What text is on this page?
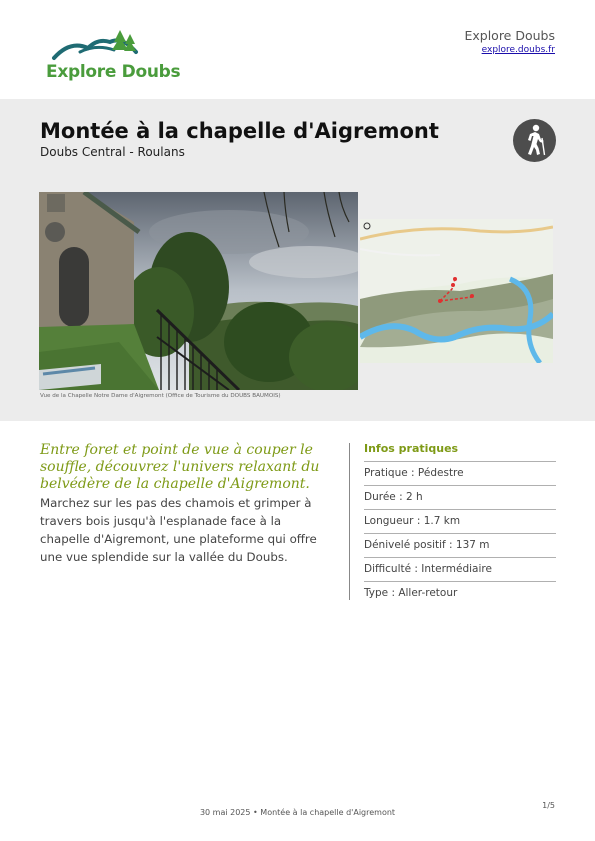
Explore Doubs
Explore Doubs
explore.doubs.fr
Montée à la chapelle d'Aigremont
Doubs Central - Roulans
Vue de la Chapelle Notre Dame d'Aigremont (Office de Tourisme du DOUBS BAUMOIS)
Entre foret et point de vue à couper le souffle, découvrez l'univers relaxant du belvédère de la chapelle d'Aigremont.
Marchez sur les pas des chamois et grimper à travers bois jusqu'à l'esplanade face à la chapelle d'Aigremont, une plateforme qui offre une vue splendide sur la vallée du Doubs.
Infos pratiques
Pratique : Pédestre
Durée : 2 h
Longueur : 1.7 km
Dénivelé positif : 137 m
Difficulté : Intermédiaire
Type : Aller-retour
1/5
30 mai 2025 • Montée à la chapelle d'Aigremont
